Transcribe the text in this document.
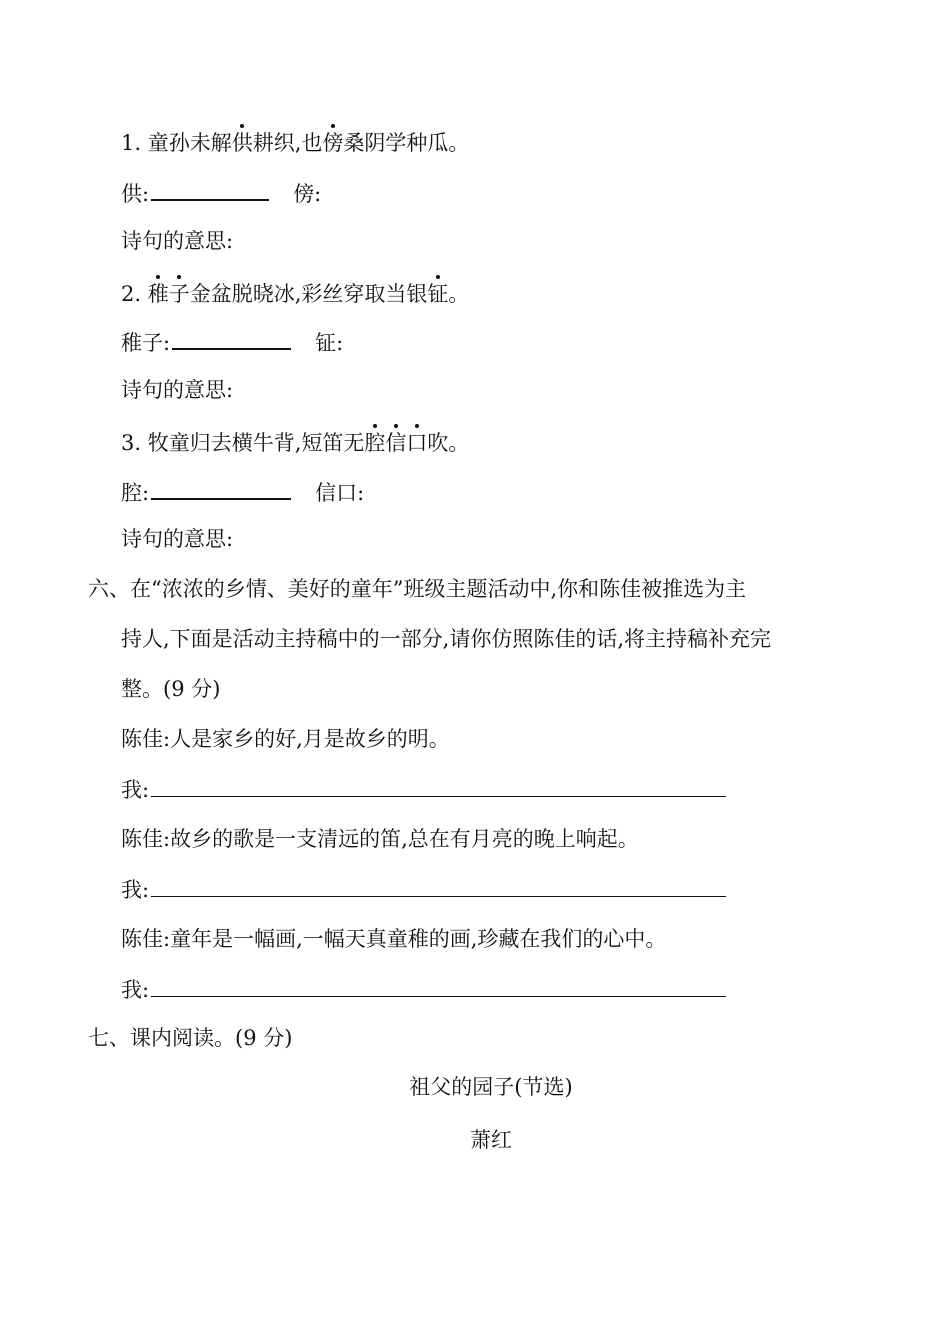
1. 童孙未解供耕织,也傍桑阴学种瓜。
供:	傍:
诗句的意思:
2. 稚子金盆脱晓冰,彩丝穿取当银钲。
稚子:	钲:
诗句的意思:
3. 牧童归去横牛背,短笛无腔信口吹。
腔:	信口:
诗句的意思:
六、在“浓浓的乡情、美好的童年”班级主题活动中,你和陈佳被推选为主
持人,下面是活动主持稿中的一部分,请你仿照陈佳的话,将主持稿补充完
整。(9 分)
陈佳:人是家乡的好,月是故乡的明。
我:
陈佳:故乡的歌是一支清远的笛,总在有月亮的晚上响起。
我:
陈佳:童年是一幅画,一幅天真童稚的画,珍藏在我们的心中。
我:
七、课内阅读。(9 分)
祖父的园子(节选)
萧红
